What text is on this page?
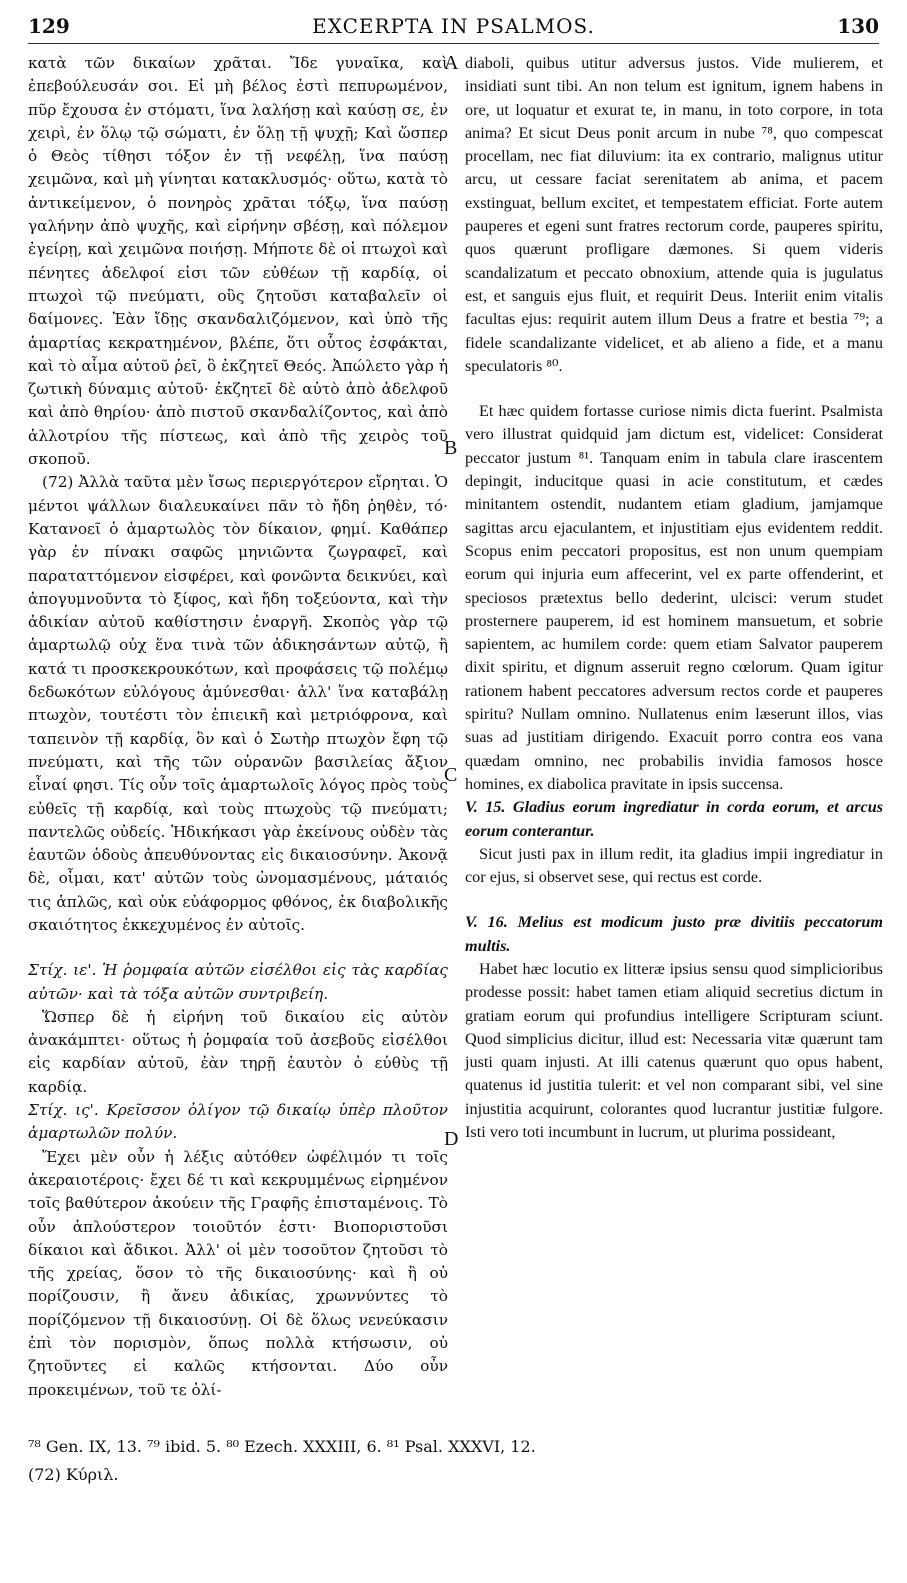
129	EXCERPTA IN PSALMOS.	130

κατὰ τῶν δικαίων χρᾶται. Ἴδε γυναῖκα, καὶ ἐπεβούλευσάν σοι. Εἰ μὴ βέλος ἐστὶ πεπυρωμένον, πῦρ ἔχουσα ἐν στόματι, ἵνα λαλήσῃ καὶ καύσῃ σε, ἐν χειρὶ, ἐν ὅλῳ τῷ σώματι, ἐν ὅλῃ τῇ ψυχῇ; Καὶ ὥσπερ ὁ Θεὸς τίθησι τόξον ἐν τῇ νεφέλῃ, ἵνα παύσῃ χειμῶνα, καὶ μὴ γίνηται κατακλυσμός· οὕτω, κατὰ τὸ ἀντικείμενον, ὁ πονηρὸς χρᾶται τόξῳ, ἵνα παύσῃ γαλήνην ἀπὸ ψυχῆς, καὶ εἰρήνην σβέσῃ, καὶ πόλεμον ἐγείρῃ, καὶ χειμῶνα ποιήσῃ. Μήποτε δὲ οἱ πτωχοὶ καὶ πένητες ἀδελφοί εἰσι τῶν εὐθέων τῇ καρδίᾳ, οἱ πτωχοὶ τῷ πνεύματι, οὓς ζητοῦσι καταβαλεῖν οἱ δαίμονες. Ἐὰν ἴδῃς σκανδαλιζόμενον, καὶ ὑπὸ τῆς ἁμαρτίας κεκρατημένον, βλέπε, ὅτι οὗτος ἐσφάκται, καὶ τὸ αἷμα αὐτοῦ ῥεῖ, ὃ ἐκζητεῖ Θεός. Ἀπώλετο γὰρ ἡ ζωτικὴ δύναμις αὐτοῦ· ἐκζητεῖ δὲ αὐτὸ ἀπὸ ἀδελφοῦ καὶ ἀπὸ θηρίου· ἀπὸ πιστοῦ σκανδαλίζοντος, καὶ ἀπὸ ἀλλοτρίου τῆς πίστεως, καὶ ἀπὸ τῆς χειρὸς τοῦ σκοποῦ.

(72) Ἀλλὰ ταῦτα μὲν ἴσως περιεργότερον εἴρηται. Ὁ μέντοι ψάλλων διαλευκαίνει πᾶν τὸ ἤδη ῥηθὲν, τό· Κατανοεῖ ὁ ἁμαρτωλὸς τὸν δίκαιον, φημί. Καθάπερ γὰρ ἐν πίνακι σαφῶς μηνιῶντα ζωγραφεῖ, καὶ παραταττόμενον εἰσφέρει, καὶ φονῶντα δεικνύει, καὶ ἀπογυμνοῦντα τὸ ξίφος, καὶ ἤδη τοξεύοντα, καὶ τὴν ἀδικίαν αὐτοῦ καθίστησιν ἐναργῆ. Σκοπὸς γὰρ τῷ ἁμαρτωλῷ οὐχ ἕνα τινὰ τῶν ἀδικησάντων αὐτῷ, ἢ κατά τι προσκεκρουκότων, καὶ προφάσεις τῷ πολέμῳ δεδωκότων εὐλόγους ἀμύνεσθαι· ἀλλ' ἵνα καταβάλῃ πτωχὸν, τουτέστι τὸν ἐπιεικῆ καὶ μετριόφρονα, καὶ ταπεινὸν τῇ καρδίᾳ, ὃν καὶ ὁ Σωτὴρ πτωχὸν ἔφη τῷ πνεύματι, καὶ τῆς τῶν οὐρανῶν βασιλείας ἄξιον εἶναί φησι. Τίς οὖν τοῖς ἁμαρτωλοῖς λόγος πρὸς τοὺς εὐθεῖς τῇ καρδίᾳ, καὶ τοὺς πτωχοὺς τῷ πνεύματι; παντελῶς οὐδείς. Ἠδικήκασι γὰρ ἐκείνους οὐδὲν τὰς ἑαυτῶν ὁδοὺς ἀπευθύνοντας εἰς δικαιοσύνην. Ἀκονᾷ δὲ, οἶμαι, κατ' αὐτῶν τοὺς ὠνομασμένους, μάταιός τις ἁπλῶς, καὶ οὐκ εὐάφορμος φθόνος, ἐκ διαβολικῆς σκαιότητος ἐκκεχυμένος ἐν αὐτοῖς.

Στίχ. ιε'. Ἡ ῥομφαία αὐτῶν εἰσέλθοι εἰς τὰς καρδίας αὐτῶν· καὶ τὰ τόξα αὐτῶν συντριβείη.

Ὥσπερ δὲ ἡ εἰρήνη τοῦ δικαίου εἰς αὐτὸν ἀνακάμπτει· οὕτως ἡ ῥομφαία τοῦ ἀσεβοῦς εἰσέλθοι εἰς καρδίαν αὐτοῦ, ἐὰν τηρῇ ἑαυτὸν ὁ εὐθὺς τῇ καρδίᾳ.

Στίχ. ις'. Κρεῖσσον ὀλίγον τῷ δικαίῳ ὑπὲρ πλοῦτον ἁμαρτωλῶν πολύν.

Ἔχει μὲν οὖν ἡ λέξις αὐτόθεν ὠφέλιμόν τι τοῖς ἀκεραιοτέροις· ἔχει δέ τι καὶ κεκρυμμένως εἰρημένον τοῖς βαθύτερον ἀκούειν τῆς Γραφῆς ἐπισταμένοις. Τὸ οὖν ἁπλούστερον τοιοῦτόν ἐστι· Βιοποριστοῦσι δίκαιοι καὶ ἄδικοι. Ἀλλ' οἱ μὲν τοσοῦτον ζητοῦσι τὸ τῆς χρείας, ὅσον τὸ τῆς δικαιοσύνης· καὶ ἢ οὐ πορίζουσιν, ἢ ἄνευ ἀδικίας, χρωννύντες τὸ πορίζόμενον τῇ δικαιοσύνῃ. Οἱ δὲ ὅλως νενεύκασιν ἐπὶ τὸν πορισμὸν, ὅπως πολλὰ κτήσωσιν, οὐ ζητοῦντες εἰ καλῶς κτήσονται. Δύο οὖν προκειμένων, τοῦ τε ὀλί-

A
B
C
D

diaboli, quibus utitur adversus justos. Vide mulierem, et insidiati sunt tibi. An non telum est ignitum, ignem habens in ore, ut loquatur et exurat te, in manu, in toto corpore, in tota anima? Et sicut Deus ponit arcum in nube ⁷⁸, quo compescat procellam, nec fiat diluvium: ita ex contrario, malignus utitur arcu, ut cessare faciat serenitatem ab anima, et pacem exstinguat, bellum excitet, et tempestatem efficiat. Forte autem pauperes et egeni sunt fratres rectorum corde, pauperes spiritu, quos quærunt profligare dæmones. Si quem videris scandalizatum et peccato obnoxium, attende quia is jugulatus est, et sanguis ejus fluit, et requirit Deus. Interiit enim vitalis facultas ejus: requirit autem illum Deus a fratre et bestia ⁷⁹; a fidele scandalizante videlicet, et ab alieno a fide, et a manu speculatoris ⁸⁰.

Et hæc quidem fortasse curiose nimis dicta fuerint. Psalmista vero illustrat quidquid jam dictum est, videlicet: Considerat peccator justum ⁸¹. Tanquam enim in tabula clare irascentem depingit, inducitque quasi in acie constitutum, et cædes minitantem ostendit, nudantem etiam gladium, jamjamque sagittas arcu ejaculantem, et injustitiam ejus evidentem reddit. Scopus enim peccatori propositus, est non unum quempiam eorum qui injuria eum affecerint, vel ex parte offenderint, et speciosos prætextus bello dederint, ulcisci: verum studet prosternere pauperem, id est hominem mansuetum, et sobrie sapientem, ac humilem corde: quem etiam Salvator pauperem dixit spiritu, et dignum asseruit regno cœlorum. Quam igitur rationem habent peccatores adversum rectos corde et pauperes spiritu? Nullam omnino. Nullatenus enim læserunt illos, vias suas ad justitiam dirigendo. Exacuit porro contra eos vana quædam omnino, nec probabilis invidia famosos hosce homines, ex diabolica pravitate in ipsis succensa.

V. 15. Gladius eorum ingrediatur in corda eorum, et arcus eorum conterantur.

Sicut justi pax in illum redit, ita gladius impii ingrediatur in cor ejus, si observet sese, qui rectus est corde.

V. 16. Melius est modicum justo præ divitiis peccatorum multis.

Habet hæc locutio ex litteræ ipsius sensu quod simplicioribus prodesse possit: habet tamen etiam aliquid secretius dictum in gratiam eorum qui profundius intelligere Scripturam sciunt. Quod simplicius dicitur, illud est: Necessaria vitæ quærunt tam justi quam injusti. At illi catenus quærunt quo opus habent, quatenus id justitia tulerit: et vel non comparant sibi, vel sine injustitia acquirunt, colorantes quod lucrantur justitiæ fulgore. Isti vero toti incumbunt in lucrum, ut plurima possideant,

⁷⁸ Gen. IX, 13. ⁷⁹ ibid. 5. ⁸⁰ Ezech. XXXIII, 6. ⁸¹ Psal. XXXVI, 12.
(72) Κύριλ.
